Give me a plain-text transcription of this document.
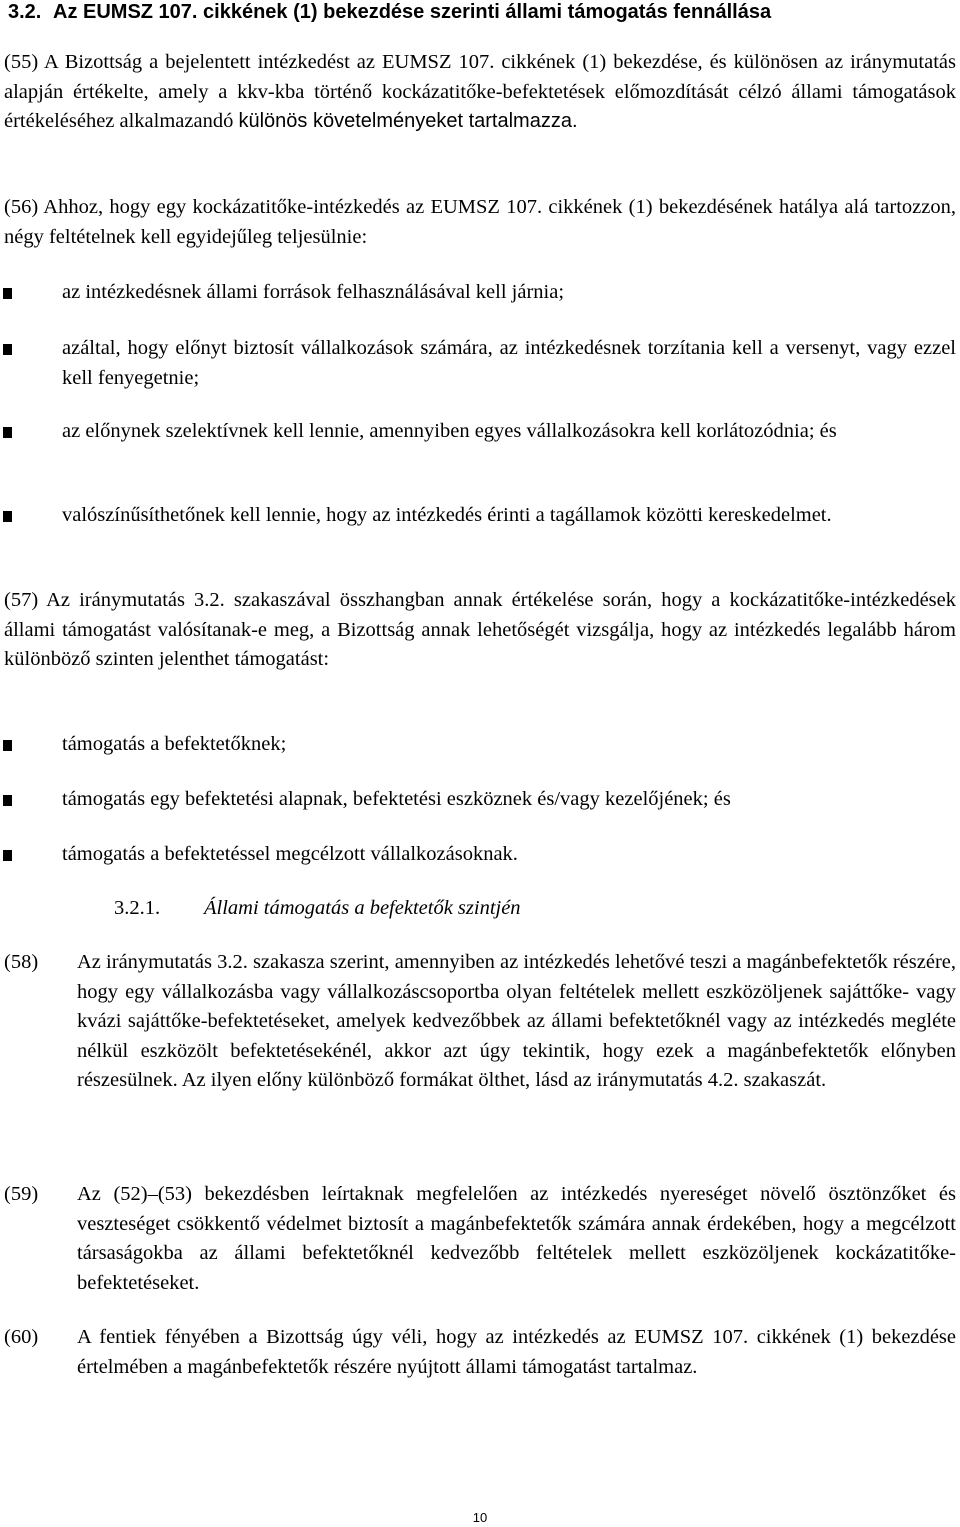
3.2. Az EUMSZ 107. cikkének (1) bekezdése szerinti állami támogatás fennállása
(55) A Bizottság a bejelentett intézkedést az EUMSZ 107. cikkének (1) bekezdése, és különösen az iránymutatás alapján értékelte, amely a kkv-kba történő kockázatitőke-befektetések előmozdítását célzó állami támogatások értékeléséhez alkalmazandó különös követelményeket tartalmazza.
(56) Ahhoz, hogy egy kockázatitőke-intézkedés az EUMSZ 107. cikkének (1) bekezdésének hatálya alá tartozzon, négy feltételnek kell egyidejűleg teljesülnie:
az intézkedésnek állami források felhasználásával kell járnia;
azáltal, hogy előnyt biztosít vállalkozások számára, az intézkedésnek torzítania kell a versenyt, vagy ezzel kell fenyegetnie;
az előnynek szelektívnek kell lennie, amennyiben egyes vállalkozásokra kell korlátozódnia; és
valószínűsíthetőnek kell lennie, hogy az intézkedés érinti a tagállamok közötti kereskedelmet.
(57) Az iránymutatás 3.2. szakaszával összhangban annak értékelése során, hogy a kockázatitőke-intézkedések állami támogatást valósítanak-e meg, a Bizottság annak lehetőségét vizsgálja, hogy az intézkedés legalább három különböző szinten jelenthet támogatást:
támogatás a befektetőknek;
támogatás egy befektetési alapnak, befektetési eszköznek és/vagy kezelőjének; és
támogatás a befektetéssel megcélzott vállalkozásoknak.
3.2.1. Állami támogatás a befektetők szintjén
(58) Az iránymutatás 3.2. szakasza szerint, amennyiben az intézkedés lehetővé teszi a magánbefektetők részére, hogy egy vállalkozásba vagy vállalkozáscsoportba olyan feltételek mellett eszközöljenek sajáttőke- vagy kvázi sajáttőke-befektetéseket, amelyek kedvezőbbek az állami befektetőknél vagy az intézkedés megléte nélkül eszközölt befektetésekénél, akkor azt úgy tekintik, hogy ezek a magánbefektetők előnyben részesülnek. Az ilyen előny különböző formákat ölthet, lásd az iránymutatás 4.2. szakaszát.
(59) Az (52)–(53) bekezdésben leírtaknak megfelelően az intézkedés nyereséget növelő ösztönzőket és veszteséget csökkentő védelmet biztosít a magánbefektetők számára annak érdekében, hogy a megcélzott társaságokba az állami befektetőknél kedvezőbb feltételek mellett eszközöljenek kockázatitőke-befektetéseket.
(60) A fentiek fényében a Bizottság úgy véli, hogy az intézkedés az EUMSZ 107. cikkének (1) bekezdése értelmében a magánbefektetők részére nyújtott állami támogatást tartalmaz.
10
